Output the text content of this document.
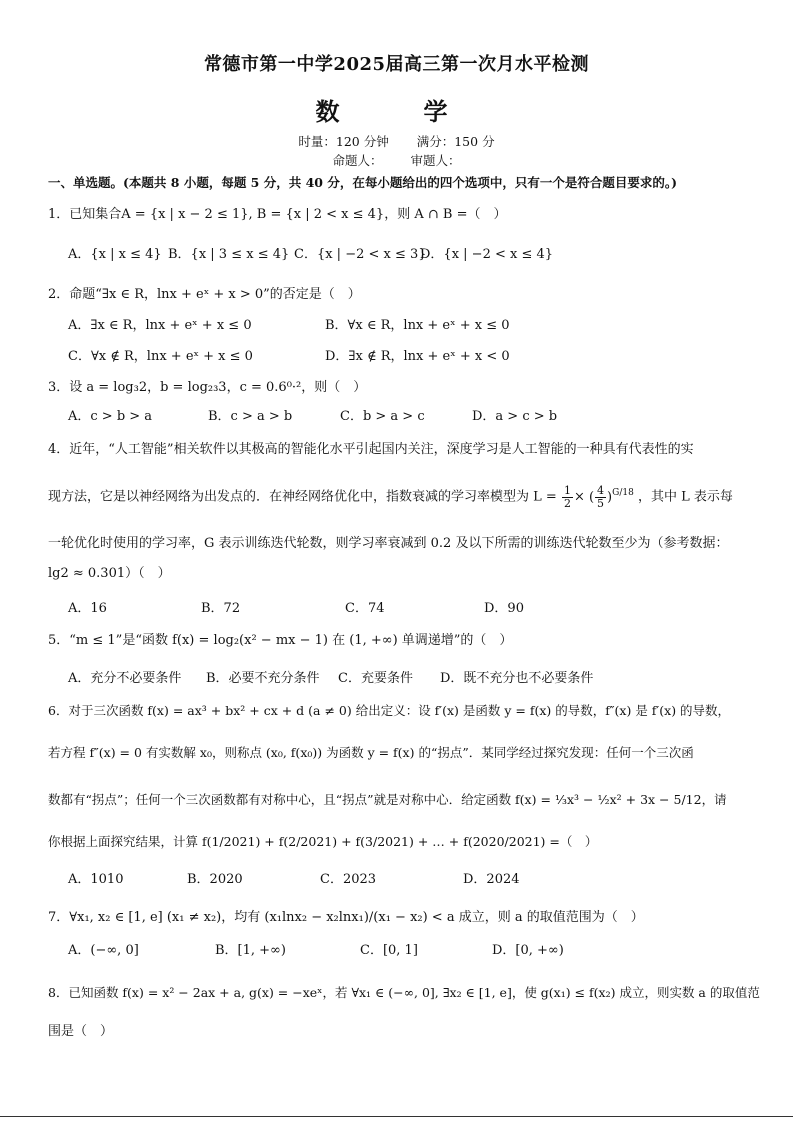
常德市第一中学2025届高三第一次月水平检测
数　学
时量：120 分钟 满分：150 分
命题人： 审题人：
一、单选题。(本题共 8 小题，每题 5 分，共 40 分，在每小题给出的四个选项中，只有一个是符合题目要求的。)
1．已知集合A = {x | x − 2 ≤ 1}, B = {x | 2 < x ≤ 4}，则 A ∩ B =（　）
A．{x | x ≤ 4} B．{x | 3 ≤ x ≤ 4} C．{x | −2 < x ≤ 3}
D．{x | −2 < x ≤ 4}
2．命题“∃x ∈ R，lnx + eˣ + x > 0”的否定是（　）
A．∃x ∈ R，lnx + eˣ + x ≤ 0	B．∀x ∈ R，lnx + eˣ + x ≤ 0
C．∀x ∉ R，lnx + eˣ + x ≤ 0	D．∃x ∉ R，lnx + eˣ + x < 0
3．设 a = log₃2，b = log₂₃3，c = 0.6⁰·²，则（　）
A．c > b > a	B．c > a > b	C．b > a > c	D．a > c > b
4．近年，“人工智能”相关软件以其极高的智能化水平引起国内关注，深度学习是人工智能的一种具有代表性的实
现方法，它是以神经网络为出发点的．在神经网络优化中，指数衰减的学习率模型为 $L = \frac{1}{2}$ × ( $\frac{4}{5} )^{G/18}$ ，其中 L 表示每
一轮优化时使用的学习率，G 表示训练迭代轮数，则学习率衰减到 0.2 及以下所需的训练迭代轮数至少为（参考数据：
lg2 ≈ 0.301）（　）
A．16	B．72	C．74	D．90
5．“m ≤ 1”是“函数 f(x) = log₂(x² − mx − 1) 在 (1, +∞) 单调递增”的（　）
A．充分不必要条件 B．必要不充分条件 C．充要条件 D．既不充分也不必要条件
6．对于三次函数 f(x) = ax³ + bx² + cx + d (a ≠ 0) 给出定义：设 f′(x) 是函数 y = f(x) 的导数，f″(x) 是 f′(x) 的导数，
若方程 f″(x) = 0 有实数解 x₀，则称点 (x₀, f(x₀)) 为函数 y = f(x) 的“拐点”．某同学经过探究发现：任何一个三次函
数都有“拐点”；任何一个三次函数都有对称中心，且“拐点”就是对称中心．给定函数 f(x) = ⅓x³ − ½x² + 3x − 5/12，请
你根据上面探究结果，计算 f(1/2021) + f(2/2021) + f(3/2021) + … + f(2020/2021) =（　）
A．1010	B．2020	C．2023	D．2024
7．∀x₁, x₂ ∈ [1, e] (x₁ ≠ x₂)，均有 (x₁lnx₂ − x₂lnx₁)/(x₁ − x₂) < a 成立，则 a 的取值范围为（　）
A．(−∞, 0]	B．[1, +∞)	C．[0, 1]	D．[0, +∞)
8．已知函数 f(x) = x² − 2ax + a, g(x) = −xeˣ，若 ∀x₁ ∈ (−∞, 0], ∃x₂ ∈ [1, e]，使 g(x₁) ≤ f(x₂) 成立，则实数 a 的取值范
围是（　）
